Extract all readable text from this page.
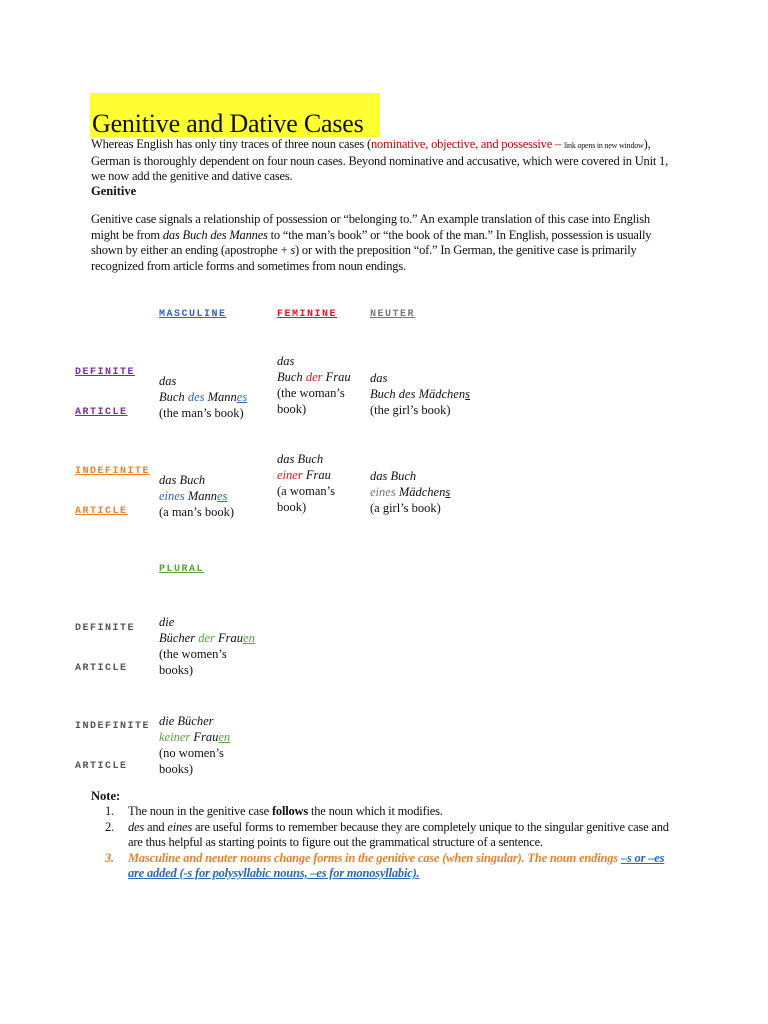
Genitive and Dative Cases
Whereas English has only tiny traces of three noun cases (nominative, objective, and possessive – link opens in new window), German is thoroughly dependent on four noun cases. Beyond nominative and accusative, which were covered in Unit 1, we now add the genitive and dative cases.
Genitive
Genitive case signals a relationship of possession or “belonging to.” An example translation of this case into English might be from das Buch des Mannes to “the man’s book” or “the book of the man.” In English, possession is usually shown by either an ending (apostrophe + s) or with the preposition “of.” In German, the genitive case is primarily recognized from article forms and sometimes from noun endings.
MASCULINE	FEMININE	NEUTER
DEFINITE
ARTICLE
INDEFINITE
ARTICLE
das
Buch des Mannes
(the man’s book)
das
Buch der Frau
(the woman’s
book)
das
Buch des Mädchens
(the girl’s book)
das Buch
eines Mannes
(a man’s book)
das Buch
einer Frau
(a woman’s
book)
das Buch
eines Mädchens
(a girl’s book)
PLURAL
DEFINITE
ARTICLE
INDEFINITE
ARTICLE
die
Bücher der Frauen
(the women’s
books)
die Bücher
keiner Frauen
(no women’s
books)
Note:
1. The noun in the genitive case follows the noun which it modifies.
2. des and eines are useful forms to remember because they are completely unique to the singular genitive case and are thus helpful as starting points to figure out the grammatical structure of a sentence.
3. Masculine and neuter nouns change forms in the genitive case (when singular). The noun endings –s or –es are added (-s for polysyllabic nouns, –es for monosyllabic).
